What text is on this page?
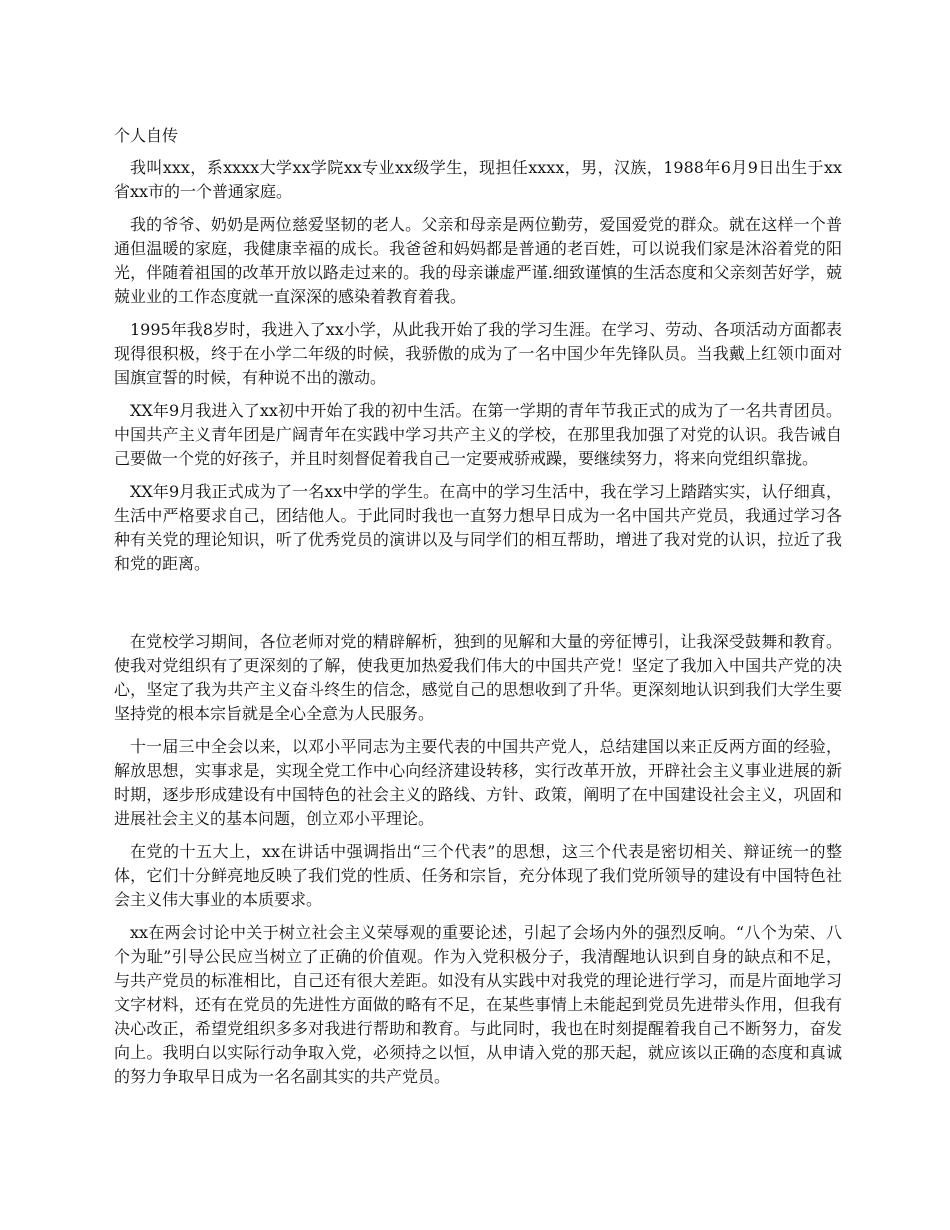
个人自传

我叫xxx，系xxxx大学xx学院xx专业xx级学生，现担任xxxx，男，汉族，1988年6月9日出生于xx省xx市的一个普通家庭。

我的爷爷、奶奶是两位慈爱坚韧的老人。父亲和母亲是两位勤劳，爱国爱党的群众。就在这样一个普通但温暖的家庭，我健康幸福的成长。我爸爸和妈妈都是普通的老百姓，可以说我们家是沐浴着党的阳光，伴随着祖国的改革开放以路走过来的。我的母亲谦虚严谨.细致谨慎的生活态度和父亲刻苦好学，兢兢业业的工作态度就一直深深的感染着教育着我。

1995年我8岁时，我进入了xx小学，从此我开始了我的学习生涯。在学习、劳动、各项活动方面都表现得很积极，终于在小学二年级的时候，我骄傲的成为了一名中国少年先锋队员。当我戴上红领巾面对国旗宣誓的时候，有种说不出的激动。

XX年9月我进入了xx初中开始了我的初中生活。在第一学期的青年节我正式的成为了一名共青团员。中国共产主义青年团是广阔青年在实践中学习共产主义的学校，在那里我加强了对党的认识。我告诫自己要做一个党的好孩子，并且时刻督促着我自己一定要戒骄戒躁，要继续努力，将来向党组织靠拢。

XX年9月我正式成为了一名xx中学的学生。在高中的学习生活中，我在学习上踏踏实实，认仔细真，生活中严格要求自己，团结他人。于此同时我也一直努力想早日成为一名中国共产党员，我通过学习各种有关党的理论知识，听了优秀党员的演讲以及与同学们的相互帮助，增进了我对党的认识，拉近了我和党的距离。

在党校学习期间，各位老师对党的精辟解析，独到的见解和大量的旁征博引，让我深受鼓舞和教育。使我对党组织有了更深刻的了解，使我更加热爱我们伟大的中国共产党！坚定了我加入中国共产党的决心，坚定了我为共产主义奋斗终生的信念，感觉自己的思想收到了升华。更深刻地认识到我们大学生要坚持党的根本宗旨就是全心全意为人民服务。

十一届三中全会以来，以邓小平同志为主要代表的中国共产党人，总结建国以来正反两方面的经验，解放思想，实事求是，实现全党工作中心向经济建设转移，实行改革开放，开辟社会主义事业进展的新时期，逐步形成建设有中国特色的社会主义的路线、方针、政策，阐明了在中国建设社会主义，巩固和进展社会主义的基本问题，创立邓小平理论。

在党的十五大上，xx在讲话中强调指出“三个代表”的思想，这三个代表是密切相关、辩证统一的整体，它们十分鲜亮地反映了我们党的性质、任务和宗旨，充分体现了我们党所领导的建设有中国特色社会主义伟大事业的本质要求。

xx在两会讨论中关于树立社会主义荣辱观的重要论述，引起了会场内外的强烈反响。“八个为荣、八个为耻”引导公民应当树立了正确的价值观。作为入党积极分子，我清醒地认识到自身的缺点和不足，与共产党员的标准相比，自己还有很大差距。如没有从实践中对我党的理论进行学习，而是片面地学习文字材料，还有在党员的先进性方面做的略有不足，在某些事情上未能起到党员先进带头作用，但我有决心改正，希望党组织多多对我进行帮助和教育。与此同时，我也在时刻提醒着我自己不断努力，奋发向上。我明白以实际行动争取入党，必须持之以恒，从申请入党的那天起，就应该以正确的态度和真诚的努力争取早日成为一名名副其实的共产党员。
